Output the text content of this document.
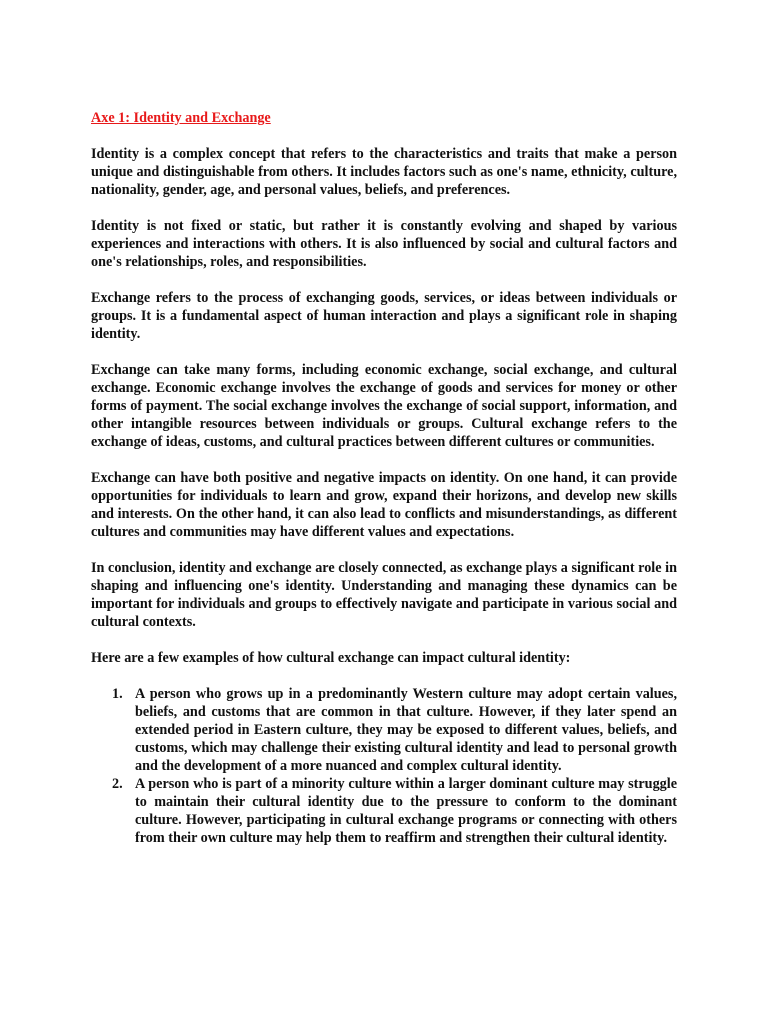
Axe 1: Identity and Exchange
Identity is a complex concept that refers to the characteristics and traits that make a person unique and distinguishable from others. It includes factors such as one's name, ethnicity, culture, nationality, gender, age, and personal values, beliefs, and preferences.
Identity is not fixed or static, but rather it is constantly evolving and shaped by various experiences and interactions with others. It is also influenced by social and cultural factors and one's relationships, roles, and responsibilities.
Exchange refers to the process of exchanging goods, services, or ideas between individuals or groups. It is a fundamental aspect of human interaction and plays a significant role in shaping identity.
Exchange can take many forms, including economic exchange, social exchange, and cultural exchange. Economic exchange involves the exchange of goods and services for money or other forms of payment. The social exchange involves the exchange of social support, information, and other intangible resources between individuals or groups. Cultural exchange refers to the exchange of ideas, customs, and cultural practices between different cultures or communities.
Exchange can have both positive and negative impacts on identity. On one hand, it can provide opportunities for individuals to learn and grow, expand their horizons, and develop new skills and interests. On the other hand, it can also lead to conflicts and misunderstandings, as different cultures and communities may have different values and expectations.
In conclusion, identity and exchange are closely connected, as exchange plays a significant role in shaping and influencing one's identity. Understanding and managing these dynamics can be important for individuals and groups to effectively navigate and participate in various social and cultural contexts.
Here are a few examples of how cultural exchange can impact cultural identity:
1. A person who grows up in a predominantly Western culture may adopt certain values, beliefs, and customs that are common in that culture. However, if they later spend an extended period in Eastern culture, they may be exposed to different values, beliefs, and customs, which may challenge their existing cultural identity and lead to personal growth and the development of a more nuanced and complex cultural identity.
2. A person who is part of a minority culture within a larger dominant culture may struggle to maintain their cultural identity due to the pressure to conform to the dominant culture. However, participating in cultural exchange programs or connecting with others from their own culture may help them to reaffirm and strengthen their cultural identity.
